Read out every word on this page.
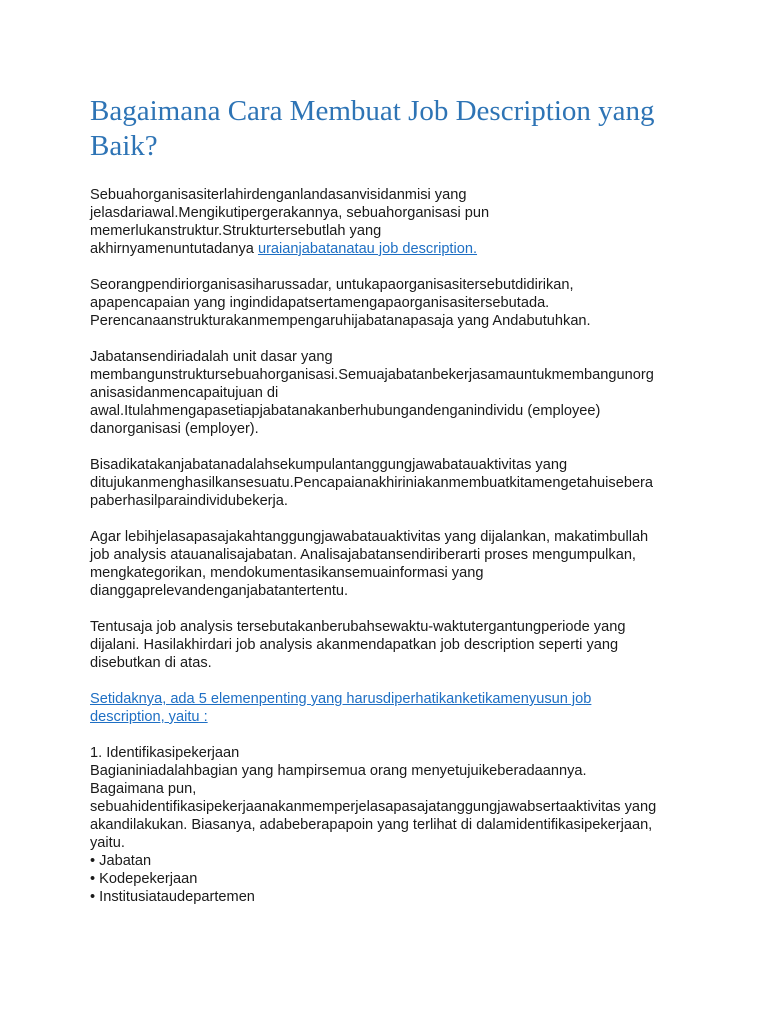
Bagaimana Cara Membuat Job Description yang
Baik?
Sebuahorganisasiterlahirdenganlandasanvisidanmisi yang
jelasdariawal.Mengikutipergerakannya, sebuahorganisasi pun
memerlukanstruktur.Strukturtersebutlah yang
akhirnyamenuntutadanya uraianjabatanatau job description.
Seorangpendiriorganisasiharussadar, untukapaorganisasitersebutdidirikan,
apapencapaian yang ingindidapatsertamengapaorganisasitersebutada.
Perencanaanstrukturakanmempengaruhijabatanapasaja yang Andabutuhkan.
Jabatansendiriadalah unit dasar yang
membangunstruktursebuahorganisasi.Semuajabatanbekerjasamauntukmembangunorg
anisasidanmencapaitujuan di
awal.Itulahmengapasetiapjabatanakanberhubungandenganindividu (employee)
danorganisasi (employer).
Bisadikatakanjabatanadalahsekumpulantanggungjawabatauaktivitas yang
ditujukanmenghasilkansesuatu.Pencapaianakhiriniakanmembuatkitamengetahuisebera
paberhasilparaindividubekerja.
Agar lebihjelasapasajakahtanggungjawabatauaktivitas yang dijalankan, makatimbullah
job analysis atauanalisajabatan. Analisajabatansendiriberarti proses mengumpulkan,
mengkategorikan, mendokumentasikansemuainformasi yang
dianggaprelevandenganjabatantertentu.
Tentusaja job analysis tersebutakanberubahsewaktu-waktutergantungperiode yang
dijalani. Hasilakhirdari job analysis akanmendapatkan job description seperti yang
disebutkan di atas.
Setidaknya, ada 5 elemenpenting yang harusdiperhatikanketikamenyusun job
description, yaitu :
1. Identifikasipekerjaan
Bagianiniadalahbagian yang hampirsemua orang menyetujuikeberadaannya.
Bagaimana pun,
sebuahidentifikasipekerjaanakanmemperjelasapasajatanggungjawabsertaaktivitas yang
akandilakukan. Biasanya, adabeberapapoin yang terlihat di dalamidentifikasipekerjaan,
yaitu.
• Jabatan
• Kodepekerjaan
• Institusiataudepartemen
